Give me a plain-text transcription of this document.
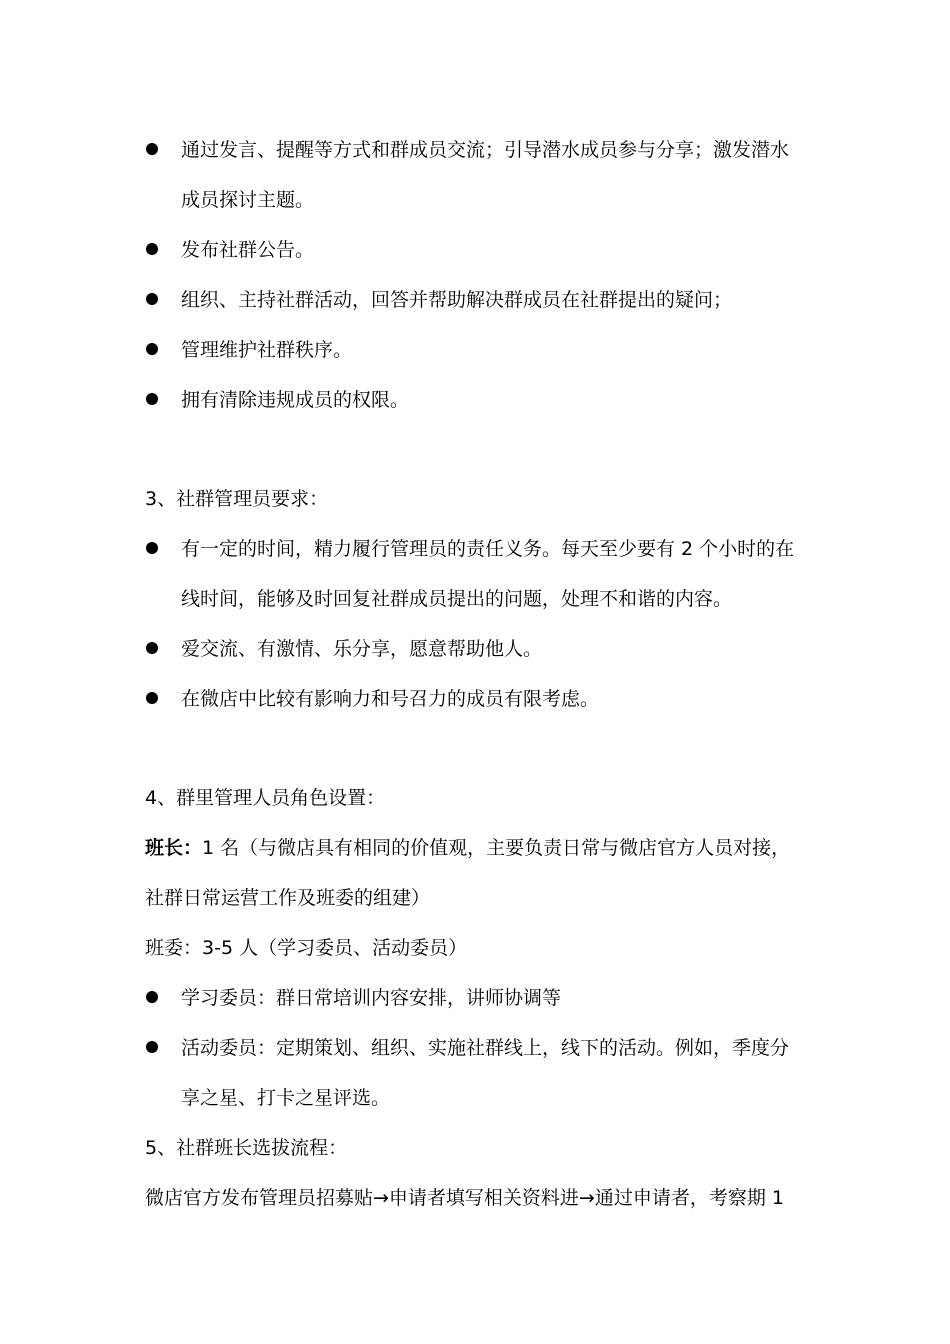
通过发言、提醒等方式和群成员交流；引导潜水成员参与分享；激发潜水
成员探讨主题。
发布社群公告。
组织、主持社群活动，回答并帮助解决群成员在社群提出的疑问；
管理维护社群秩序。
拥有清除违规成员的权限。
3、社群管理员要求：
有一定的时间，精力履行管理员的责任义务。每天至少要有 2 个小时的在
线时间，能够及时回复社群成员提出的问题，处理不和谐的内容。
爱交流、有激情、乐分享，愿意帮助他人。
在微店中比较有影响力和号召力的成员有限考虑。
4、群里管理人员角色设置：
班长：1 名（与微店具有相同的价值观，主要负责日常与微店官方人员对接，
社群日常运营工作及班委的组建）
班委：3-5 人（学习委员、活动委员）
学习委员：群日常培训内容安排，讲师协调等
活动委员：定期策划、组织、实施社群线上，线下的活动。例如，季度分
享之星、打卡之星评选。
5、社群班长选拔流程：
微店官方发布管理员招募贴→申请者填写相关资料进→通过申请者，考察期 1
